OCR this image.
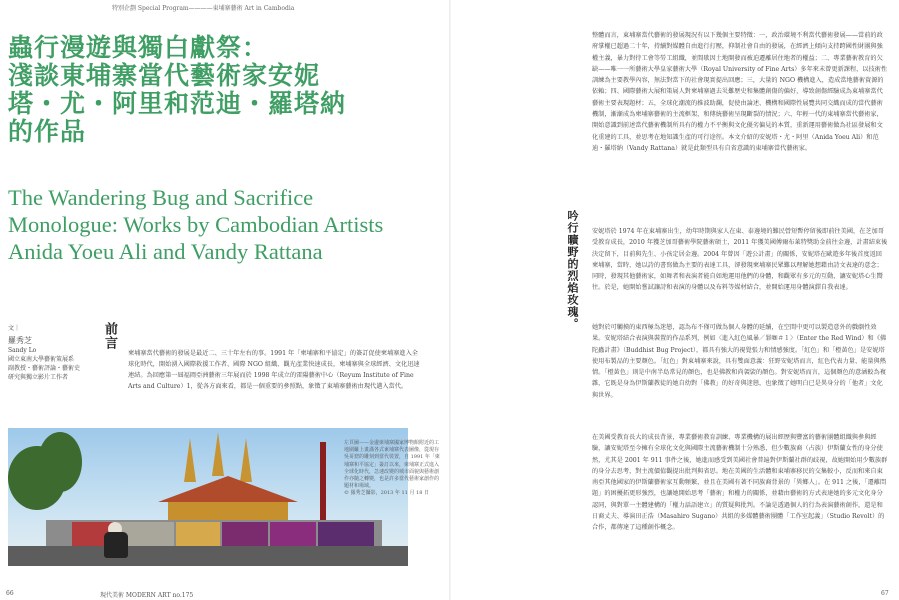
特別企劃 Special Program————東埔寨藝術 Art in Cambodia
蟲行漫遊與獨白獻祭：
淺談東埔寨當代藝術家安妮
塔・尤・阿里和范迪・羅塔納
的作品
The Wandering Bug and Sacrifice
Monologue: Works by Cambodian Artists
Anida Yoeu Ali and Vandy Rattana
文｜
羅秀芝
Sandy Lo
國立東南大學藝術策展系
副教授・藝術評論・藝術史
研究與獨立影片工作者
前言
柬埔寨當代藝術的發展是最近二、三十年左右的事。1991 年「柬埔寨和平協定」的簽訂促使柬埔寨進入全球化時代，開始湧入國際救援工作者、國際 NGO 組織、觀光產業快速成長，柬埔寨與全球經濟、文化迅速連結。為回應第一屆福岡亞洲藝術三年展而於 1998 年成立的雷陽藝術中心（Reyum Institute of Fine Arts and Culture）1，從各方面來看，都是一個重要的參照點，象徵了東埔寨藝術由現代邁入當代。
左頁圖——金邊柬埔寨國家博物館附近的工地圍籬上畫滿各式東埔寨代表圖像，從現存吳哥窟的雕刻到當代裝置，自 1991 年「柬埔寨和平協定」簽訂以來，柬埔寨正式進入全球化時代，急速改變的城市面貌與藝術創作亦隨之轉變，也是許多當代藝術家創作的題材和場域。
© 羅秀芝攝影，2013 年 11 月 18 日
66	現代美術 MODERN ART no.175	67
整體而言，東埔寨當代藝術的發展現況有以下幾個主要特徵：一，政治環境不利當代藝術發展——當前的政府掌權已超過二十年，持續對媒體自由進行打壓，抑制社會自由的發展，在經濟上傾向支持跨國性財團與強權主義，暴力對待工會等勞工組織，並間歇因土地開發而被迫遷離居住地者的權益；二、專業藝術教育的欠缺——唯一一所藝術大學皇家藝術大學（Royal University of Fine Arts）多年來未曾更新課程，以技術性訓練為主要教學內容，無法對當下的社會現實提出回應；三，大量的 NGO 機構進入，造成當地藝術資源的依賴；四、國際藝術大展和策展人對柬埔寨過去災難歷史和集體創傷的偏好，導致創傷經驗成為東埔寨當代藝術主要表現題材；五，全球化潮流的推波助瀾，促使由論述、機構和國際性展覽共同交織而成的當代藝術機制，漸漸成為柬埔寨藝術的主流框架，和傳統藝術呈現斷裂的情況；六、年輕一代的東埔寨當代藝術家，開始意識到前述當代藝術機制所具有的權力不平衡與文化優劣偏見的本質，重新運用藝術做為社區發展和文化重建的工具，並思考在地知識生產的可行途徑。本文介紹的安妮塔・尤・阿里（Anida Yoeu Ali）和范迪・羅塔納（Vandy Rattana）就是此類型具有自省意識的東埔寨當代藝術家。
吟行曠野的烈焰玫瑰。 安妮塔於 1974 年在東埔寨出生，幼年時期與家人在東、泰邊境的難民營短暫停留後即前往美國，在芝加哥受教育成長，2010 年獲芝加哥藝術學院藝術碩士，2011 年獲美國傅爾布萊特獎助金前往金邊，計畫結束後決定留下，目前與先生、小孩定居金邊。2004 年曾因「遊公計畫」的關係，安妮塔在歐遊多年後首度返回柬埔寨，當時，她以詩的書寫做為主要的表達工具，卻發現柬埔寨民眾難以理解她想藉由詩文表達的意念；同時，發現其他藝術家，如舞者和表演者能自如地運用他們的身體，和觀眾有多元的互動，讓安妮塔心生嚮往。於是，她開始嘗試讓詩和表演的身體以及布料等媒材結合，並開始運用身體演繹自我表達。
她對於可觸摸的東西極為迷戀，認為布不僅可做為個人身體的延續，在空間中更可以製造意外的戲劇性效果。安妮塔結合表演與裝置的作品系列，例如〈進入紅色風暴／罪咖＃１〉（Enter the Red Wind）和《佛陀蟲計畫》（Buddhist Bug Project），都具有強大的視覺張力和情感強度。「紅色」和「橙黃色」是安妮塔使用布製品的主要顏色。「紅色」對東埔寨來說，具有雙面意義：狂野安妮塔而言，紅色代表力量、能量與熱情。「橙黃色」則是中南半島常見的顏色，也是佛教和尚袈裟的顏色。對安妮塔而言，這個顏色的意涵較為複雜，它既是身為伊斯蘭教徒的她自幼對「佛教」的好奇與迷戀，也象徵了她明白已是異身分的「他者」文化與世界。
在美國受教育長大的成長背景，專業藝術教育訓練、專業機構的展出經歷與豐富的藝術團體組織與參與經驗，讓安妮塔至今擁有全球化文化與國際主流藝術機制十分熟悉，但少數族裔（占族）伊斯蘭女性的身分使然，尤其是 2001 年 911 事件之後，她進而感受到美國社會普遍對伊斯蘭社群的歧視，故她開始用少數族群的身分去思考，對主流價值觀提出批判與省思。地在美國的生活體和東埔寨移民的交集較小，反而和來自東南亞其他國家的伊斯蘭藝術家互動頻繁，並且在美國有著不同族裔背景的「異鄉人」。在 911 之後，「遷離問題」的困擾拓更形強烈，也讓她開始思考「藝術」和權力的關係，並藉由藝術的方式表達她的多元文化身分認同，與對單一主體建構的「權力話語建立」的質疑與批判。不論是透過個人的行為表演藝術創作，還是和日裔丈夫、導演田正浩（Masahiro Sugano）共組的多媒體藝術團體「工作室起義」（Studio Revolt）的合作，都傳達了這種創作概念。
